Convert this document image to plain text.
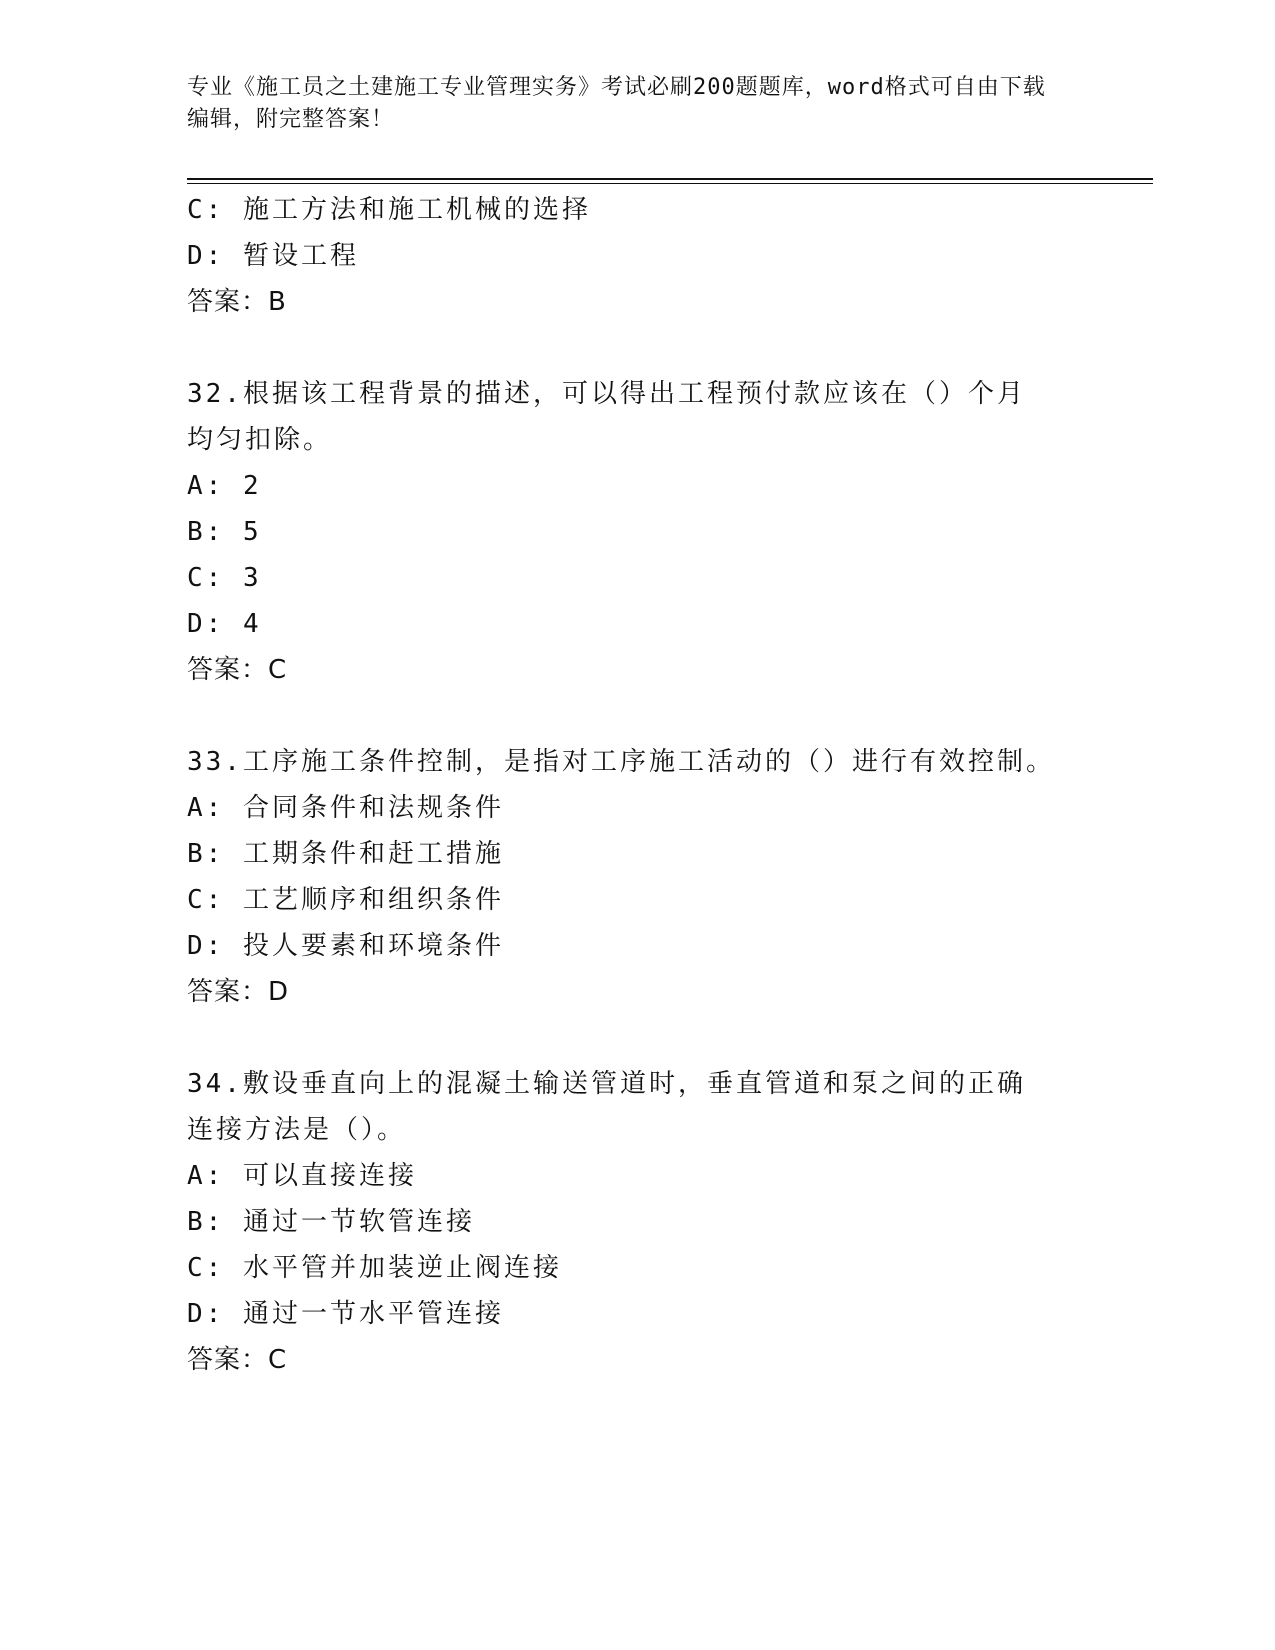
专业《施工员之土建施工专业管理实务》考试必刷200题题库，word格式可自由下载编辑，附完整答案！
C: 施工方法和施工机械的选择
D: 暂设工程
答案：B
32.根据该工程背景的描述，可以得出工程预付款应该在（）个月均匀扣除。
A: 2
B: 5
C: 3
D: 4
答案：C
33.工序施工条件控制，是指对工序施工活动的（）进行有效控制。
A: 合同条件和法规条件
B: 工期条件和赶工措施
C: 工艺顺序和组织条件
D: 投人要素和环境条件
答案：D
34.敷设垂直向上的混凝土输送管道时，垂直管道和泵之间的正确连接方法是（）。
A: 可以直接连接
B: 通过一节软管连接
C: 水平管并加装逆止阀连接
D: 通过一节水平管连接
答案：C
